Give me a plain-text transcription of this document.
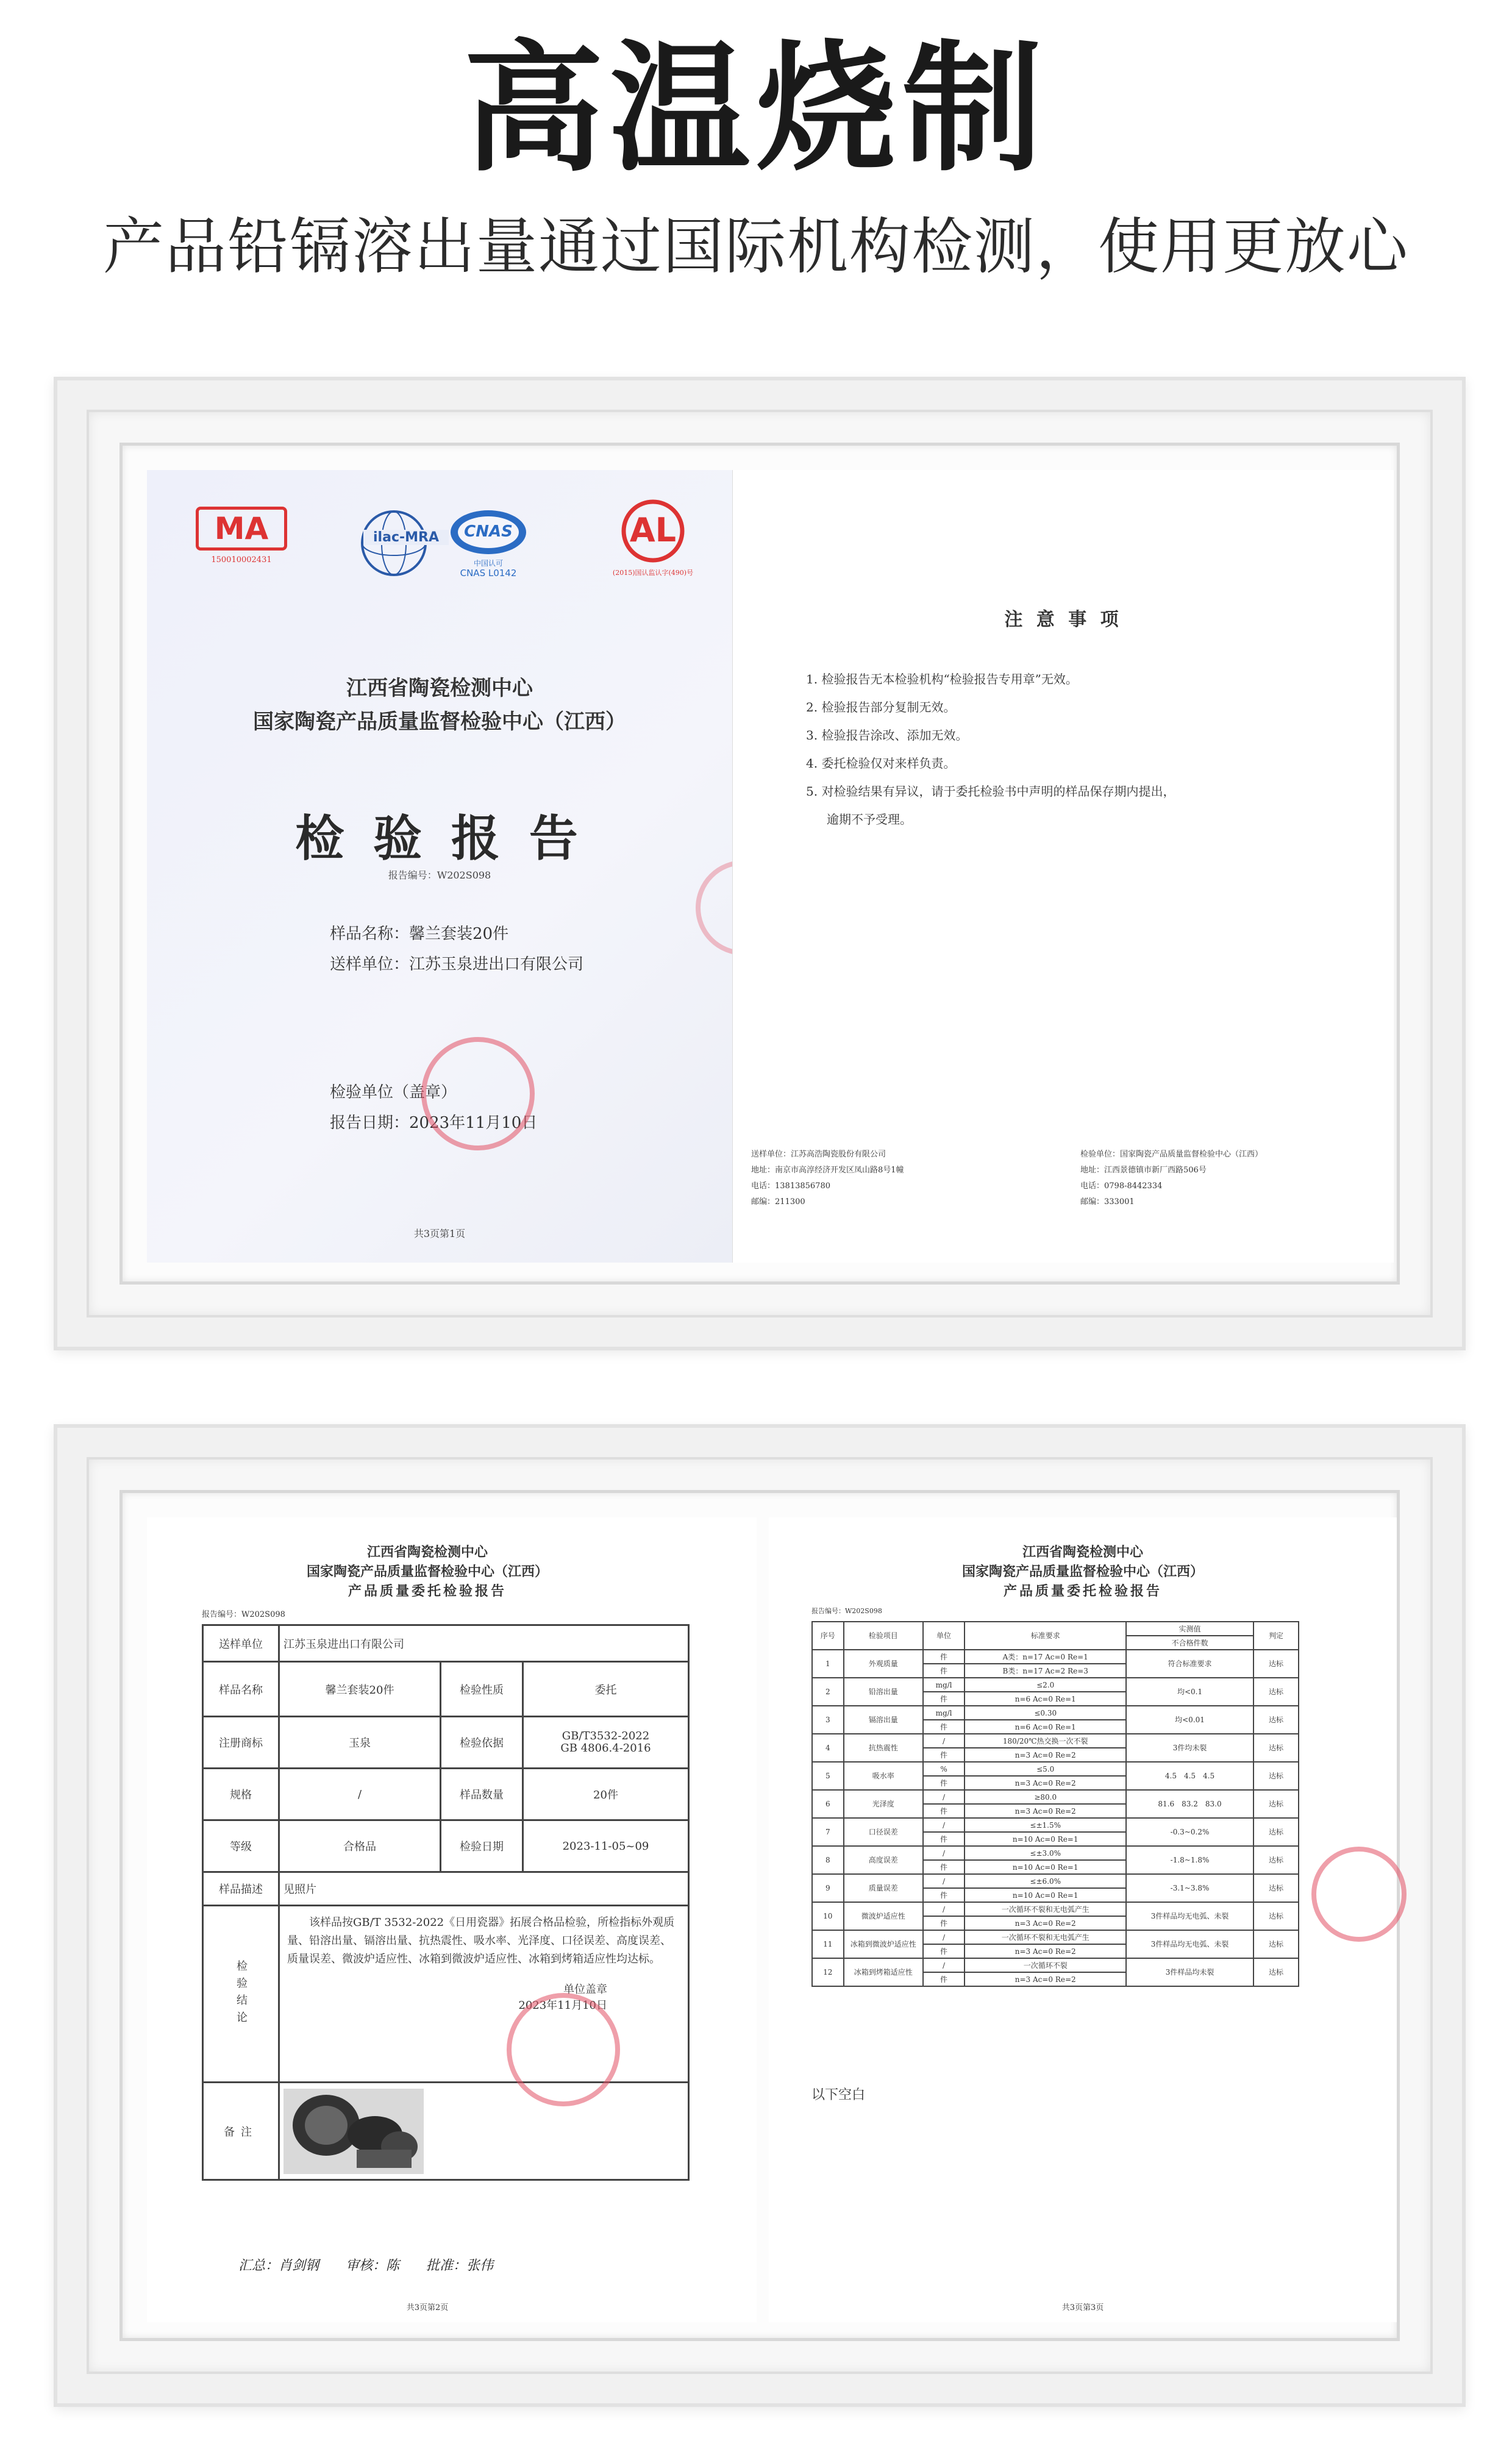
高温烧制
产品铅镉溶出量通过国际机构检测，使用更放心
MA
150010002431
ilac-MRA	CNAS
中国认可
CNAS L0142
AL
(2015)国认监认字(490)号
江西省陶瓷检测中心
国家陶瓷产品质量监督检验中心（江西）
检 验 报 告
报告编号：W202S098
样品名称：馨兰套装20件
送样单位：江苏玉泉进出口有限公司
检验单位（盖章）
报告日期：2023年11月10日
共3页第1页
注 意 事 项
1. 检验报告无本检验机构“检验报告专用章”无效。
2. 检验报告部分复制无效。
3. 检验报告涂改、添加无效。
4. 委托检验仅对来样负责。
5. 对检验结果有异议，请于委托检验书中声明的样品保存期内提出，
逾期不予受理。
送样单位：江苏高浩陶瓷股份有限公司
地址：南京市高淳经济开发区凤山路8号1幢
电话：13813856780
邮编：211300
检验单位：国家陶瓷产品质量监督检验中心（江西）
地址：江西景德镇市新厂西路506号
电话：0798-8442334
邮编：333001
江西省陶瓷检测中心
国家陶瓷产品质量监督检验中心（江西）
产品质量委托检验报告
报告编号：W202S098
送样单位	江苏玉泉进出口有限公司		
样品名称	馨兰套装20件	检验性质	委托
注册商标	玉泉	检验依据	GB/T3532-2022
GB 4806.4-2016

规格	/	样品数量	20件
等级	合格品	检验日期	2023-11-05~09
样品描述	见照片		
检验结论	该样品按GB/T 3532-2022《日用瓷器》拓展合格品检验，所检指标外观质量、铅溶出量、镉溶出量、抗热震性、吸水率、光泽度、口径误差、高度误差、质量误差、微波炉适应性、冰箱到微波炉适应性、冰箱到烤箱适应性均达标。
单位盖章
2023年11月10日		

备注	
汇总：肖剑钢　　审核：陈　　批准：张伟
共3页第2页
江西省陶瓷检测中心
国家陶瓷产品质量监督检验中心（江西）
产品质量委托检验报告
报告编号：W202S098
序号	检验项目	单位	标准要求	实测值	判定
				不合格件数	
1	外观质量	件	A类：n=17 Ac=0 Re=1	符合标准要求	达标
		件	B类：n=17 Ac=2 Re=3		
2	铅溶出量	mg/l	≤2.0	均<0.1	达标
		件	n=6 Ac=0 Re=1		
3	镉溶出量	mg/l	≤0.30	均<0.01	达标
		件	n=6 Ac=0 Re=1		
4	抗热震性	/	180/20℃热交换一次不裂	3件均未裂	达标
		件	n=3 Ac=0 Re=2		
5	吸水率	%	≤5.0	4.5　4.5　4.5	达标
		件	n=3 Ac=0 Re=2		
6	光泽度	/	≥80.0	81.6　83.2　83.0	达标
		件	n=3 Ac=0 Re=2		
7	口径误差	/	≤±1.5%	-0.3~0.2%	达标
		件	n=10 Ac=0 Re=1		
8	高度误差	/	≤±3.0%	-1.8~1.8%	达标
		件	n=10 Ac=0 Re=1		
9	质量误差	/	≤±6.0%	-3.1~3.8%	达标
		件	n=10 Ac=0 Re=1		
10	微波炉适应性	/	一次循环不裂和无电弧产生	3件样品均无电弧、未裂	达标
		件	n=3 Ac=0 Re=2		
11	冰箱到微波炉适应性	/	一次循环不裂和无电弧产生	3件样品均无电弧、未裂	达标
		件	n=3 Ac=0 Re=2		
12	冰箱到烤箱适应性	/	一次循环不裂	3件样品均未裂	达标
		件	n=3 Ac=0 Re=2		
以下空白
共3页第3页
